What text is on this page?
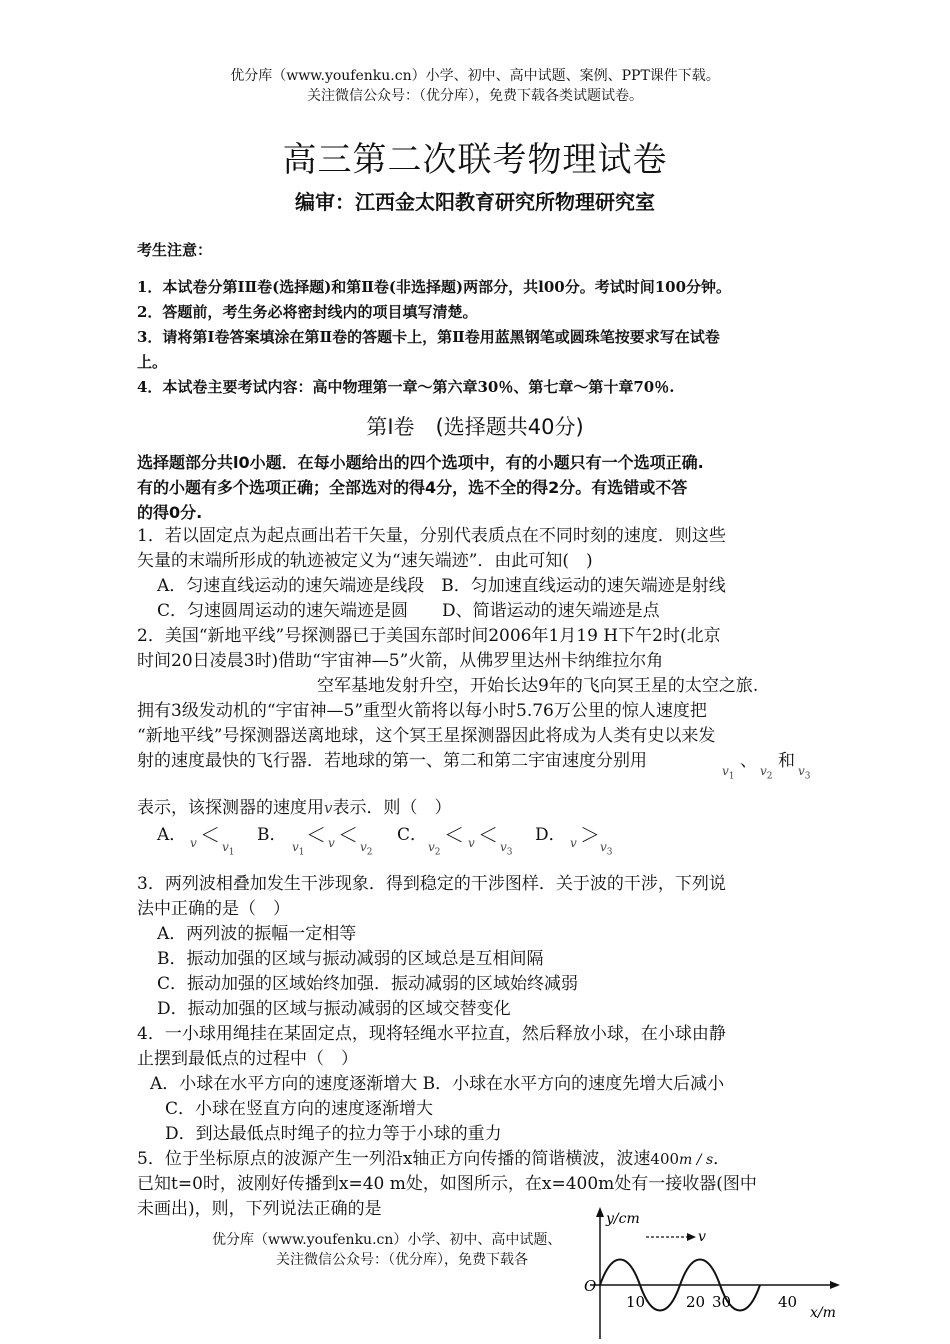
优分库（www.youfenku.cn）小学、初中、高中试题、案例、PPT课件下载。
关注微信公众号：（优分库），免费下载各类试题试卷。
高三第二次联考物理试卷
编审：江西金太阳教育研究所物理研究室
考生注意：
1．本试卷分第ⅠⅡ卷(选择题)和第Ⅱ卷(非选择题)两部分，共l00分。考试时间100分钟。
2．答题前，考生务必将密封线内的项目填写清楚。
3．请将第Ⅰ卷答案填涂在第Ⅱ卷的答题卡上，第Ⅱ卷用蓝黑钢笔或圆珠笔按要求写在试卷
上。
4．本试卷主要考试内容：高中物理第一章～第六章30％、第七章～第十章70％.
第Ⅰ卷　(选择题共40分)
选择题部分共l0小题．在每小题给出的四个选项中，有的小题只有一个选项正确.
有的小题有多个选项正确；全部选对的得4分，选不全的得2分。有选错或不答
的得0分.
1．若以固定点为起点画出若干矢量，分别代表质点在不同时刻的速度．则这些
矢量的末端所形成的轨迹被定义为“速矢端迹”．由此可知(　)
A．匀速直线运动的速矢端迹是线段　B．匀加速直线运动的速矢端迹是射线
C．匀速圆周运动的速矢端迹是圆　　D、简谐运动的速矢端迹是点
2．美国“新地平线”号探测器已于美国东部时间2006年1月19 H下午2时(北京
时间20日凌晨3时)借助“宇宙神—5”火箭，从佛罗里达州卡纳维拉尔角
空军基地发射升空，开始长达9年的飞向冥王星的太空之旅.
拥有3级发动机的“宇宙神—5”重型火箭将以每小时5.76万公里的惊人速度把
“新地平线”号探测器送离地球，这个冥王星探测器因此将成为人类有史以来发
射的速度最快的飞行器．若地球的第一、第二和第二宇宙速度分别用	$v_1$
、 $v_2$
和 $v_3$
表示，该探测器的速度用v表示．则（　）
A． $v < v_1$
B．
$v_1$
＜ $v < v_2$
C．
$v_2$
＜ $v < v_3$
D． $v > v_3$
3．两列波相叠加发生干涉现象．得到稳定的干涉图样．关于波的干涉，下列说
法中正确的是（　）
A．两列波的振幅一定相等
B．振动加强的区域与振动减弱的区域总是互相间隔
C．振动加强的区域始终加强．振动减弱的区域始终减弱
D．振动加强的区域与振动减弱的区域交替变化
4．一小球用绳挂在某固定点，现将轻绳水平拉直，然后释放小球，在小球由静
止摆到最低点的过程中（　）
A．小球在水平方向的速度逐渐增大 B．小球在水平方向的速度先增大后减小
C．小球在竖直方向的速度逐渐增大
D．到达最低点时绳子的拉力等于小球的重力
5．位于坐标原点的波源产生一列沿x轴正方向传播的简谐横波，波速400m / s．
已知t=0时，波刚好传播到x=40 m处，如图所示，在x=400m处有一接收器(图中
未画出)，则，下列说法正确的是
优分库（www.youfenku.cn）小学、初中、高中试题、
关注微信公众号：（优分库），免费下载各
y/cm
x/m
O
v
10	20 30	40
